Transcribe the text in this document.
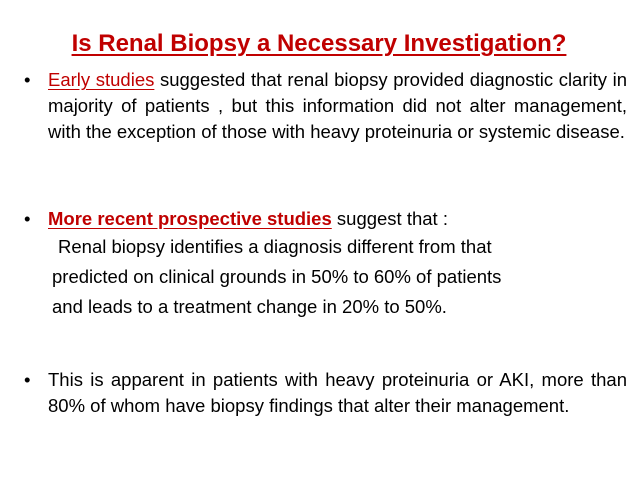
Is Renal Biopsy a Necessary Investigation?
• Early studies suggested that renal biopsy provided diagnostic clarity in majority of patients , but this information did not alter management, with the exception of those with heavy proteinuria or systemic disease.
• More recent prospective studies suggest that :
Renal biopsy identifies a diagnosis different from that
predicted on clinical grounds in 50% to 60% of patients
and leads to a treatment change in 20% to 50%.
• This is apparent in patients with heavy proteinuria or AKI, more than 80% of whom have biopsy findings that alter their management.
